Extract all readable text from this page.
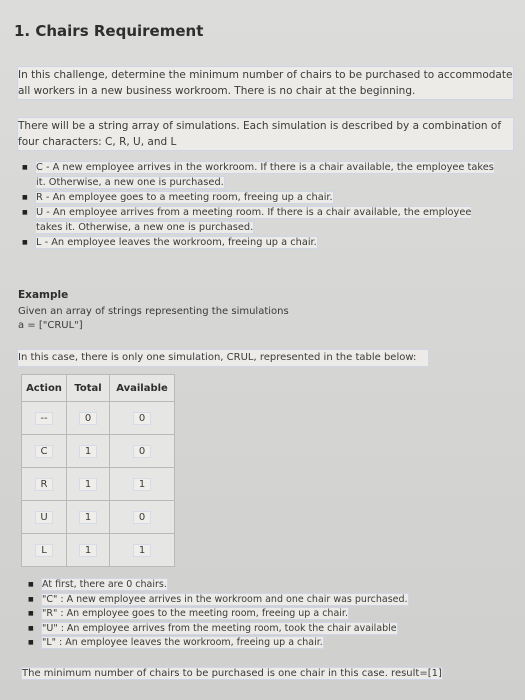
1. Chairs Requirement

In this challenge, determine the minimum number of chairs to be purchased to accommodate all workers in a new business workroom. There is no chair at the beginning.

There will be a string array of simulations. Each simulation is described by a combination of four characters: C, R, U, and L

■ C - A new employee arrives in the workroom. If there is a chair available, the employee takes it. Otherwise, a new one is purchased.
■ R - An employee goes to a meeting room, freeing up a chair.
■ U - An employee arrives from a meeting room. If there is a chair available, the employee takes it. Otherwise, a new one is purchased.
■ L - An employee leaves the workroom, freeing up a chair.
Example
Given an array of strings representing the simulations
a = ["CRUL"]

In this case, there is only one simulation, CRUL, represented in the table below:

Action	Total	Available
--	0	0
C	1	0
R	1	1
U	1	0
L	1	1
■ At first, there are 0 chairs.
■ "C" : A new employee arrives in the workroom and one chair was purchased.
■ "R" : An employee goes to the meeting room, freeing up a chair.
■ "U" : An employee arrives from the meeting room, took the chair available
■ "L" : An employee leaves the workroom, freeing up a chair.

The minimum number of chairs to be purchased is one chair in this case. result=[1]
